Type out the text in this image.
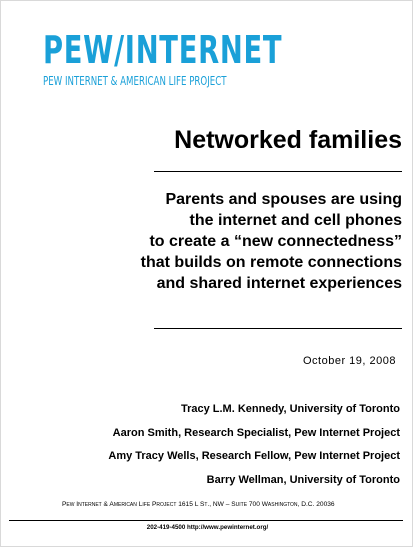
PEW/INTERNET
PEW INTERNET & AMERICAN LIFE PROJECT
Networked families
Parents and spouses are using
the internet and cell phones
to create a “new connectedness”
that builds on remote connections
and shared internet experiences
October 19, 2008
Tracy L.M. Kennedy, University of Toronto
Aaron Smith, Research Specialist, Pew Internet Project
Amy Tracy Wells, Research Fellow, Pew Internet Project
Barry Wellman, University of Toronto
Pew Internet & American Life Project 1615 L St., NW – Suite 700 Washington, D.C. 20036
202-419-4500 http://www.pewinternet.org/
